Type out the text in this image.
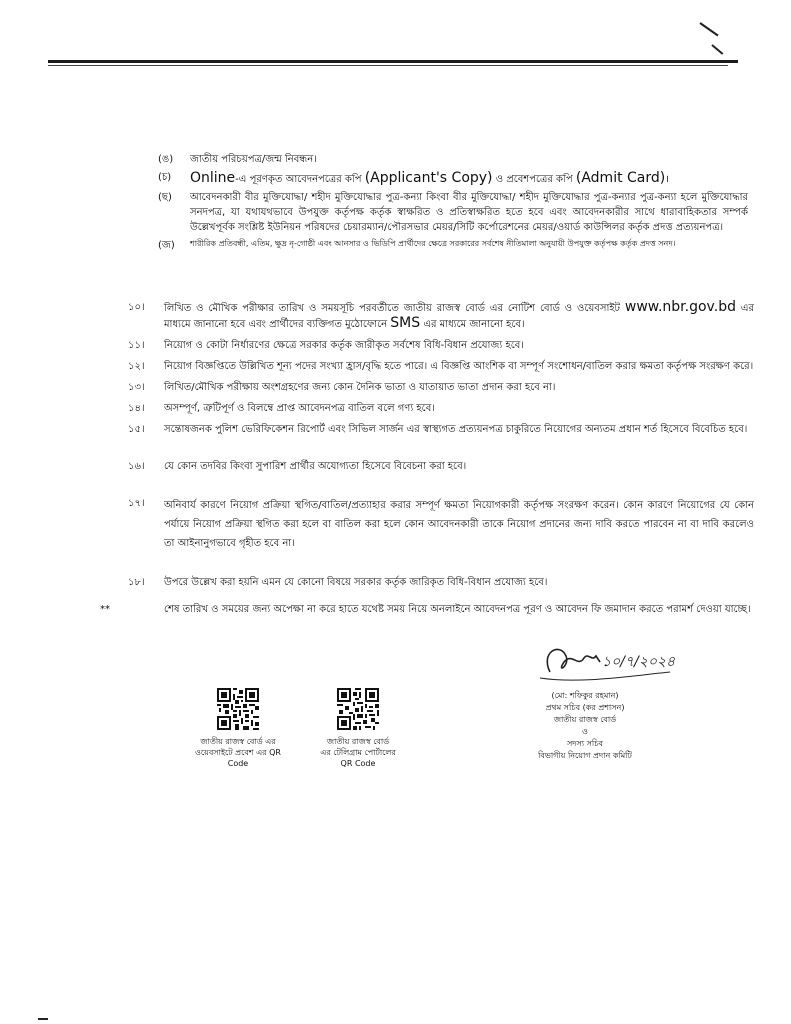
(ঙ)	জাতীয় পরিচয়পত্র/জন্ম নিবন্ধন।
(চ)	Online-এ পূরণকৃত আবেদনপত্রের কপি (Applicant's Copy) ও প্রবেশপত্রের কপি (Admit Card)।
(ছ)	আবেদনকারী বীর মুক্তিযোদ্ধা/ শহীদ মুক্তিযোদ্ধার পুত্র-কন্যা কিংবা বীর মুক্তিযোদ্ধা/ শহীদ মুক্তিযোদ্ধার পুত্র-কন্যার পুত্র-কন্যা হলে মুক্তিযোদ্ধার সনদপত্র, যা যথাযথভাবে উপযুক্ত কর্তৃপক্ষ কর্তৃক স্বাক্ষরিত ও প্রতিস্বাক্ষরিত হতে হবে এবং আবেদনকারীর সাথে ধারাবাহিকতার সম্পর্ক উল্লেখপূর্বক সংশ্লিষ্ট ইউনিয়ন পরিষদের চেয়ারম্যান/পৌরসভার মেয়র/সিটি কর্পোরেশনের মেয়র/ওয়ার্ড কাউন্সিলর কর্তৃক প্রদত্ত প্রত্যয়নপত্র।
(জ)	শারীরিক প্রতিবন্ধী, এতিম, ক্ষুদ্র নৃ-গোষ্ঠী এবং আনসার ও ভিডিপি প্রার্থীদের ক্ষেত্রে সরকারের সর্বশেষ নীতিমালা অনুযায়ী উপযুক্ত কর্তৃপক্ষ কর্তৃক প্রদত্ত সনদ।
১০।	লিখিত ও মৌখিক পরীক্ষার তারিখ ও সময়সূচি পরবর্তীতে জাতীয় রাজস্ব বোর্ড এর নোটিশ বোর্ড ও ওয়েবসাইট www.nbr.gov.bd এর মাধ্যমে জানানো হবে এবং প্রার্থীদের ব্যক্তিগত মুঠোফোনে SMS এর মাধ্যমে জানানো হবে।
১১।	নিয়োগ ও কোটা নির্ধারণের ক্ষেত্রে সরকার কর্তৃক জারীকৃত সর্বশেষ বিধি-বিধান প্রযোজ্য হবে।
১২।	নিয়োগ বিজ্ঞপ্তিতে উল্লিখিত শূন্য পদের সংখ্যা হ্রাস/বৃদ্ধি হতে পারে। এ বিজ্ঞপ্তি আংশিক বা সম্পূর্ণ সংশোধন/বাতিল করার ক্ষমতা কর্তৃপক্ষ সংরক্ষণ করে।
১৩।	লিখিত/মৌখিক পরীক্ষায় অংশগ্রহণের জন্য কোন দৈনিক ভাতা ও যাতায়াত ভাতা প্রদান করা হবে না।
১৪।	অসম্পূর্ণ, ত্রুটিপূর্ণ ও বিলম্বে প্রাপ্ত আবেদনপত্র বাতিল বলে গণ্য হবে।
১৫।	সন্তোষজনক পুলিশ ভেরিফিকেশন রিপোর্ট এবং সিভিল সার্জন এর স্বাস্থ্যগত প্রত্যয়নপত্র চাকুরিতে নিয়োগের অন্যতম প্রধান শর্ত হিসেবে বিবেচিত হবে।
১৬।	যে কোন তদবির কিংবা সুপারিশ প্রার্থীর অযোগ্যতা হিসেবে বিবেচনা করা হবে।
১৭।	অনিবার্য কারণে নিয়োগ প্রক্রিয়া স্থগিত/বাতিল/প্রত্যাহার করার সম্পূর্ণ ক্ষমতা নিয়োগকারী কর্তৃপক্ষ সংরক্ষণ করেন। কোন কারণে নিয়োগের যে কোন পর্যায়ে নিয়োগ প্রক্রিয়া স্থগিত করা হলে বা বাতিল করা হলে কোন আবেদনকারী তাকে নিয়োগ প্রদানের জন্য দাবি করতে পারবেন না বা দাবি করলেও তা আইনানুগভাবে গৃহীত হবে না।
১৮।	উপরে উল্লেখ করা হয়নি এমন যে কোনো বিষয়ে সরকার কর্তৃক জারিকৃত বিধি-বিধান প্রযোজ্য হবে।
**	শেষ তারিখ ও সময়ের জন্য অপেক্ষা না করে হাতে যথেষ্ট সময় নিয়ে অনলাইনে আবেদনপত্র পূরণ ও আবেদন ফি জমাদান করতে পরামর্শ দেওয়া যাচ্ছে।
জাতীয় রাজস্ব বোর্ড এর
ওয়েবসাইটে প্রবেশ এর QR
Code
জাতীয় রাজস্ব বোর্ড
এর টেলিগ্রাম পোর্টালের
QR Code
১০/৭/২০২৪
(মো: শফিকুর রহমান)
প্রথম সচিব (কর প্রশাসন)
জাতীয় রাজস্ব বোর্ড
ও
সদস্য সচিব
বিভাগীয় নিয়োগ প্রদান কমিটি
